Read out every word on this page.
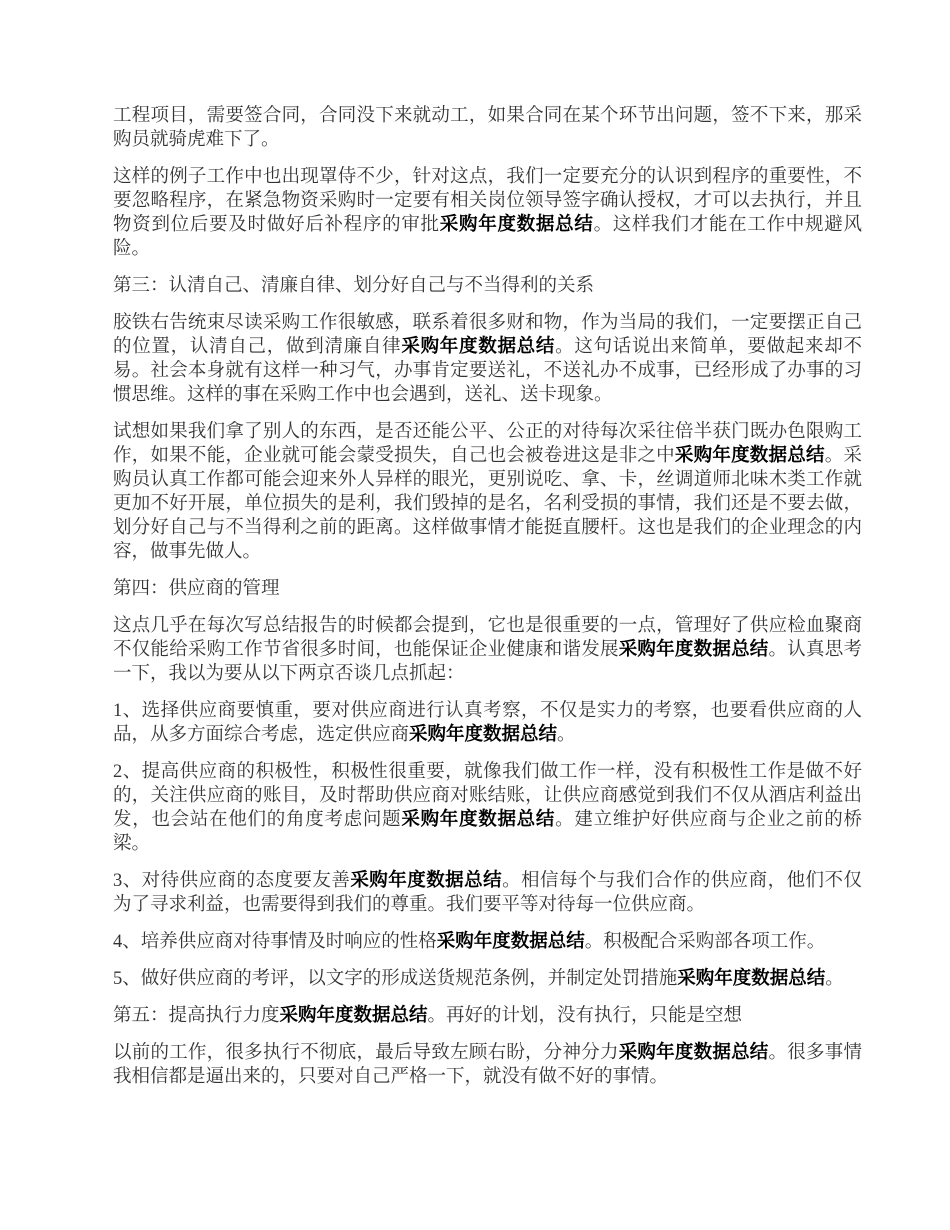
工程项目，需要签合同，合同没下来就动工，如果合同在某个环节出问题，签不下来，那采购员就骑虎难下了。

这样的例子工作中也出现罩侍不少，针对这点，我们一定要充分的认识到程序的重要性，不要忽略程序，在紧急物资采购时一定要有相关岗位领导签字确认授权，才可以去执行，并且物资到位后要及时做好后补程序的审批采购年度数据总结。这样我们才能在工作中规避风险。

第三：认清自己、清廉自律、划分好自己与不当得利的关系

胶铁右告统束尽读采购工作很敏感，联系着很多财和物，作为当局的我们，一定要摆正自己的位置，认清自己，做到清廉自律采购年度数据总结。这句话说出来简单，要做起来却不易。社会本身就有这样一种习气，办事肯定要送礼，不送礼办不成事，已经形成了办事的习惯思维。这样的事在采购工作中也会遇到，送礼、送卡现象。

试想如果我们拿了别人的东西，是否还能公平、公正的对待每次采往倍半获门既办色限购工作，如果不能，企业就可能会蒙受损失，自己也会被卷进这是非之中采购年度数据总结。采购员认真工作都可能会迎来外人异样的眼光，更别说吃、拿、卡，丝调道师北味木类工作就更加不好开展，单位损失的是利，我们毁掉的是名，名利受损的事情，我们还是不要去做，划分好自己与不当得利之前的距离。这样做事情才能挺直腰杆。这也是我们的企业理念的内容，做事先做人。

第四：供应商的管理

这点几乎在每次写总结报告的时候都会提到，它也是很重要的一点，管理好了供应检血聚商不仅能给采购工作节省很多时间，也能保证企业健康和谐发展采购年度数据总结。认真思考一下，我以为要从以下两京否谈几点抓起：

1、选择供应商要慎重，要对供应商进行认真考察，不仅是实力的考察，也要看供应商的人品，从多方面综合考虑，选定供应商采购年度数据总结。

2、提高供应商的积极性，积极性很重要，就像我们做工作一样，没有积极性工作是做不好的，关注供应商的账目，及时帮助供应商对账结账，让供应商感觉到我们不仅从酒店利益出发，也会站在他们的角度考虑问题采购年度数据总结。建立维护好供应商与企业之前的桥梁。

3、对待供应商的态度要友善采购年度数据总结。相信每个与我们合作的供应商，他们不仅为了寻求利益，也需要得到我们的尊重。我们要平等对待每一位供应商。

4、培养供应商对待事情及时响应的性格采购年度数据总结。积极配合采购部各项工作。

5、做好供应商的考评，以文字的形成送货规范条例，并制定处罚措施采购年度数据总结。

第五：提高执行力度采购年度数据总结。再好的计划，没有执行，只能是空想

以前的工作，很多执行不彻底，最后导致左顾右盼，分神分力采购年度数据总结。很多事情我相信都是逼出来的，只要对自己严格一下，就没有做不好的事情。
